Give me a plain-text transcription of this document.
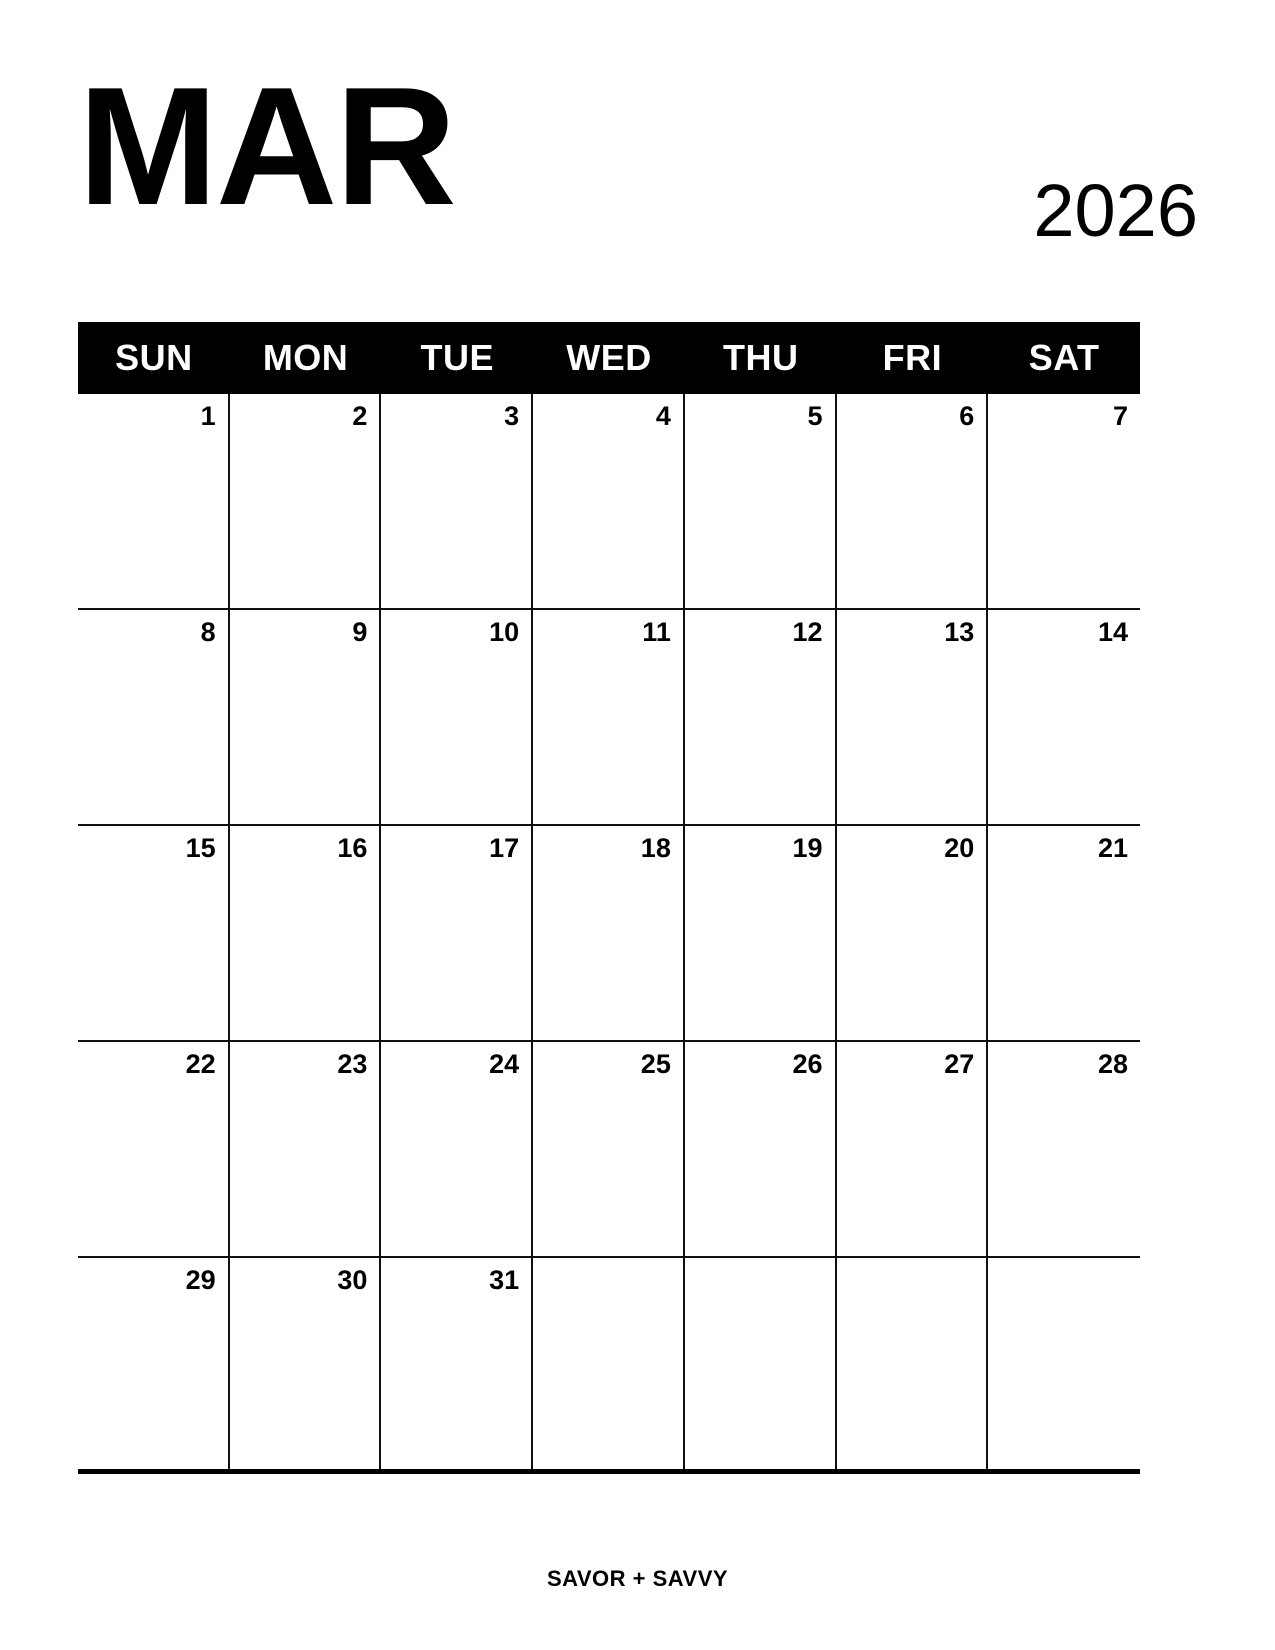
MAR	2026
SUN	MON	TUE	WED	THU	FRI	SAT
1	2	3	4	5	6	7
8	9	10	11	12	13	14
15	16	17	18	19	20	21
22	23	24	25	26	27	28
29	30	31
SAVOR + SAVVY
